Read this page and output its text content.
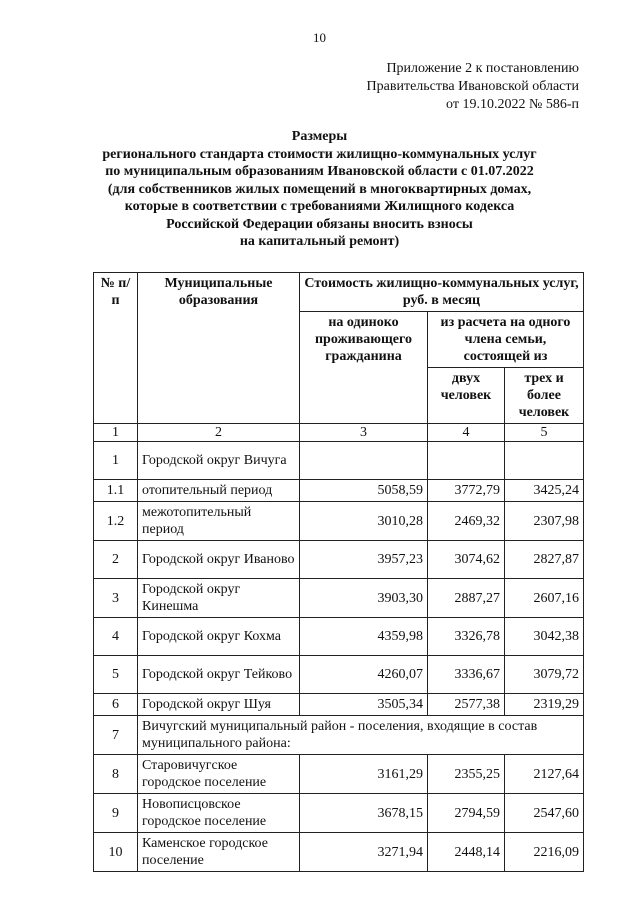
10
Приложение 2 к постановлению
Правительства Ивановской области
от 19.10.2022 № 586-п
Размеры
регионального стандарта стоимости жилищно-коммунальных услуг
по муниципальным образованиям Ивановской области с 01.07.2022
(для собственников жилых помещений в многоквартирных домах,
которые в соответствии с требованиями Жилищного кодекса
Российской Федерации обязаны вносить взносы
на капитальный ремонт)
№ п/п	Муниципальные образования	Стоимость жилищно-коммунальных услуг, руб. в месяц		
		на одиноко проживающего гражданина	из расчета на одного члена семьи, состоящей из	
			двух человек	трех и более человек
1	2	3	4	5
1	Городской округ Вичуга			
1.1	отопительный период	5058,59	3772,79	3425,24
1.2	межотопительный период	3010,28	2469,32	2307,98
2	Городской округ Иваново	3957,23	3074,62	2827,87
3	Городской округ Кинешма	3903,30	2887,27	2607,16
4	Городской округ Кохма	4359,98	3326,78	3042,38
5	Городской округ Тейково	4260,07	3336,67	3079,72
6	Городской округ Шуя	3505,34	2577,38	2319,29
7	Вичугский муниципальный район - поселения, входящие в состав муниципального района:			
8	Старовичугское городское поселение	3161,29	2355,25	2127,64
9	Новописцовское городское поселение	3678,15	2794,59	2547,60
10	Каменское городское поселение	3271,94	2448,14	2216,09
